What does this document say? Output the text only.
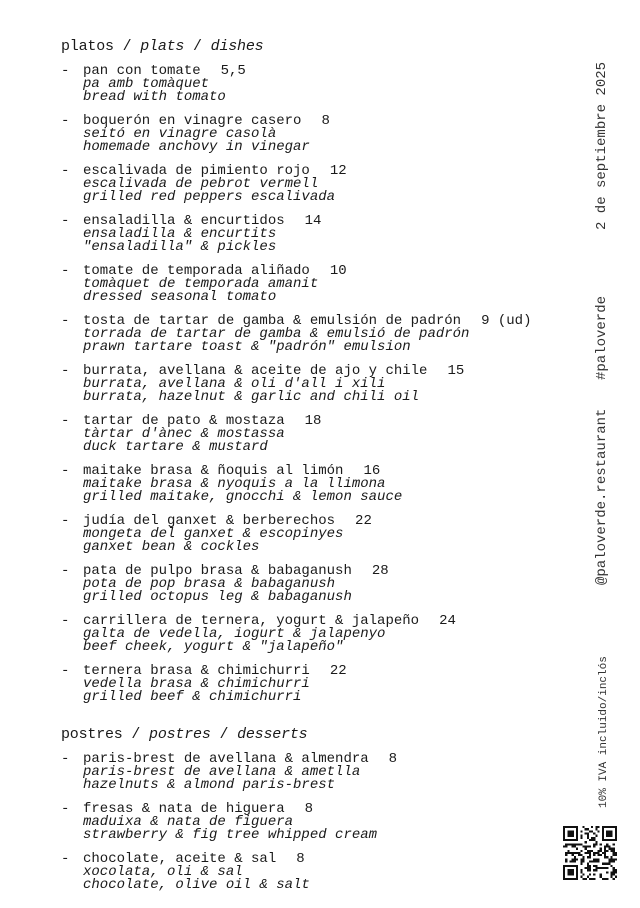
platos / plats / dishes
- pan con tomate 5,5
pa amb tomàquet
bread with tomato
- boquerón en vinagre casero 8
seitó en vinagre casolà
homemade anchovy in vinegar
- escalivada de pimiento rojo 12
escalivada de pebrot vermell
grilled red peppers escalivada
- ensaladilla & encurtidos 14
ensaladilla & encurtits
"ensaladilla" & pickles
- tomate de temporada aliñado 10
tomàquet de temporada amanit
dressed seasonal tomato
- tosta de tartar de gamba & emulsión de padrón 9 (ud)
torrada de tartar de gamba & emulsió de padrón
prawn tartare toast & "padrón" emulsion
- burrata, avellana & aceite de ajo y chile 15
burrata, avellana & oli d'all i xili
burrata, hazelnut & garlic and chili oil
- tartar de pato & mostaza 18
tàrtar d'ànec & mostassa
duck tartare & mustard
- maitake brasa & ñoquis al limón 16
maitake brasa & nyoquis a la llimona
grilled maitake, gnocchi & lemon sauce
- judía del ganxet & berberechos 22
mongeta del ganxet & escopinyes
ganxet bean & cockles
- pata de pulpo brasa & babaganush 28
pota de pop brasa & babaganush
grilled octopus leg & babaganush
- carrillera de ternera, yogurt & jalapeño 24
galta de vedella, iogurt & jalapenyo
beef cheek, yogurt & "jalapeño"
- ternera brasa & chimichurri 22
vedella brasa & chimichurri
grilled beef & chimichurri
postres / postres / desserts
- paris-brest de avellana & almendra 8
paris-brest de avellana & ametlla
hazelnuts & almond paris-brest
- fresas & nata de higuera 8
maduixa & nata de figuera
strawberry & fig tree whipped cream
- chocolate, aceite & sal 8
xocolata, oli & sal
chocolate, olive oil & salt
2 de septiembre 2025
#paloverde
@paloverde.restaurant
10% IVA incluido/inclós
